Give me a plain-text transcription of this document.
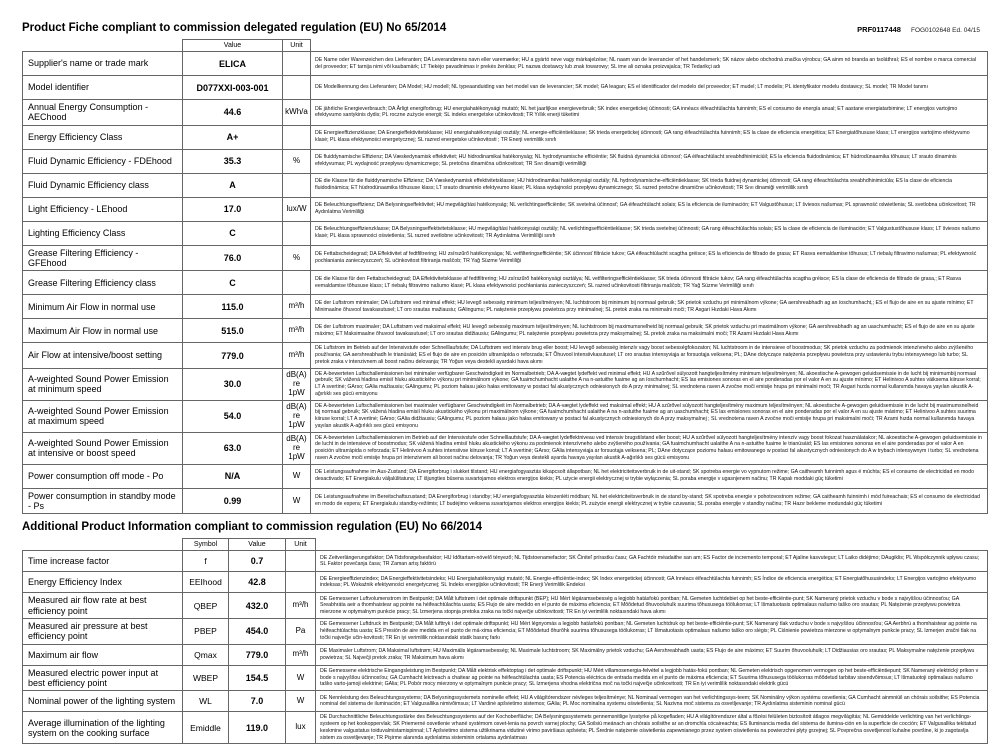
Product Fiche compliant to commission delegated regulation (EU) No 65/2014	PRF0117448 FOG0102648 Ed. 04/15
	Value	Unit	
Supplier's name or trade mark	ELICA		DE Name oder Warenzeichen des Lieferanten; DA Leverandørens navn eller varemærke; HU a gyártó neve vagy márkajelzése; NL naam van de leverancier of het handelsmerk; SK názov alebo obchodná značka výrobcu; GA ainm nó branda an tsoláthraí; ES el nombre o marca comercial del proveedor; ET tarnija nimi või kaubamärk; LT Tiekėjo pavadinimas ir prekės ženklas; PL nazwa dostawcy lub znak towarowy; SL ime ali oznaka proizvajalca; TR Tedarikçi adı
Model identifier	D077XXI-003-001		DE Modellkennung des Lieferanten; DA Model; HU modell; NL typeaanduiding van het model van de leverancier; SK model; GA leagan; ES el identificador del modelo del proveedor; ET mudel; LT modelis; PL identyfikator modelu dostawcy; SL model; TR Model tanımı
Annual Energy Consumption - AEChood	44.6	kWh/a	DE jährliche Energieverbrauch; DA Årligt energiforbrug; HU energiahatékonysági mutató; NL het jaarlijkse energieverbruik; SK index energetickej účinnosti; GA innéacs éifeachtúlachta fuinnimh; ES el consumo de energía anual; ET aastane energiatarbimine; LT energijos vartojimo efektyvumo santykinis dydis; PL roczne zużycie energii; SL indeks energetske učinkovitosti; TR Yıllık enerji tüketimi
Energy Efficiency Class	A+		DE Energieeffizienzklasse; DA Energieffektivitetsklasse; HU energiahatékonysági osztály; NL energie-efficiëntieklasse; SK trieda energetickej účinnosti; GA rang éifeachtúlachta fuinnimh; ES la clase de eficiencia energética; ET Energiatõhususe klass; LT energijos vartojimo efektyvumo klasė; PL klasa efektywności energetycznej; SL razred energetske učinkovitosti ; TR Enerji verimlilik sınıfı
Fluid Dynamic Efficiency - FDEhood	35.3	%	DE fluiddynamische Effizienz; DA Væskedynamisk effektivitet; HU hidrodinamikai hatékonyság; NL hydrodynamische efficiëntie; SK fluidná dynamická účinnosť; GA éifeachtúlacht sreabhdhinimiciúil; ES la eficiencia fluidodinámica; ET hüdrodünaamika tõhusus; LT srauto dinaminis efektyvumas; PL wydajność przepływu dynamicznego; SL pretočna dinamična učinkovitost; TR Sıvı dinamiği verimliliği
Fluid Dynamic Efficiency class	A		DE die Klasse für die fluiddynamische Effizienz; DA Væskedynamisk effektivitetsklasse; HU hidrodinamikai hatékonysági osztály; NL hydrodynamische-efficiëntieklasse; SK trieda fluidnej dynamickej účinnosti; GA rang éifeachtúlachta sreabhdhinimiciúla; ES la clase de eficiencia fluidodinámica; ET hüdrodünaamika tõhususe klass; LT srauto dinaminio efektyvumo klasė; PL klasa wydajności przepływu dynamicznego; SL razred pretočne dinamične učinkovitosti; TR Sıvı dinamiği verimlilik sınıfı
Light Efficiency - LEhood	17.0	lux/W	DE Beleuchtungseffizienz; DA Belysningseffektivitet; HU megvilágítási hatékonyság; NL verlichtingsefficiëntie; SK svetelná účinnosť; GA éifeachtúlacht solais; ES la eficiencia de iluminación; ET Valgustõhusus; LT šviesos našumas; PL sprawność oświetlenia; SL svetlobna učinkovitost; TR Aydınlatma Verimliliği
Lighting Efficiency Class	C		DE Beleuchtungseffizienzklasse; DA Belysningseffektivitetsklasse; HU megvilágítási hatékonysági osztály; NL verlichtingsefficiëntieklasse; SK trieda svetelnej účinnosti; GA rang éifeachtúlachta solais; ES la clase de eficiencia de iluminación; ET Valgustustõhususe klass; LT šviesos našumo klasė; PL klasa sprawności oświetlenia; SL razred svetlobne učinkovitosti; TR Aydınlatma Verimliliği sınıfı
Grease Filtering Efficiency - GFEhood	76.0	%	DE Fettabscheidegrad; DA Effektivitet af fedtfiltrering; HU zsírszűrő hatékonysága; NL vetfilteringsefficiëntie; SK účinnosť filtrácie tukov; GA éifeachtúlacht scagtha gréisce; ES la eficiencia de filtrado de grasa; ET Rasva eemaldamise tõhusus; LT riebalų filtravimo našumas; PL efektywność pochłaniania zanieczyszczeń; SL učinkovitost filtriranja maščob; TR Yağ Süzme Verimliliği
Grease Filtering Efficiency class	C		DE die Klasse für den Fettabscheidegrad; DA Effektivitetsklasse af fedtfiltrering; HU zsírszűrő hatékonysági osztálya; NL vetfilteringsefficiëntieklasse; SK trieda účinnosti filtrácie tukov; GA rang éifeachtúlachta scagtha gréisce; ES la clase de eficiencia de filtrado de grasa,; ET Rasva eemaldamise tõhususe klass; LT riebalų filtravimo našumo klasė; PL klasa efektywności pochłaniania zanieczyszczeń; SL razred učinkovitosti filtriranja maščob; TR Yağ Süzme Verimliliği sınıfı
Minimum Air Flow in normal use	115.0	m³/h	DE der Luftstrom minimaler; DA Luftstrøm ved minimal effekt; HU levegő sebesség minimum teljesítményen; NL luchtstroom bij minimum bij normaal gebruik; SK prietok vzduchu pri minimálnom výkone; GA aershreabhadh ag an íoschumhacht,; ES el flujo de aire en su ajuste mínimo; ET Minimaalne õhuvool tavakasutusel; LT oro srautas mažiausiu; GAlingumu; PL natężenie przepływu powietrza przy minimalnej; SL pretok zraka na minimalni moči; TR Asgari Hızdaki Hava Akımı
Maximum Air Flow in normal use	515.0	m³/h	DE der Luftstrom maximaler; DA Luftstrøm ved maksimal effekt; HU levegő sebesség maximum teljesítményen; NL luchtstroom bij maximumsnelheid bij normaal gebruik; SK prietok vzduchu pri maximálnom výkone; GA aershreabhadh ag an uaschumhacht; ES el flujo de aire en su ajuste máximo; ET Maksimaalne õhuvool tavakasutusel; LT oro srautas didžiausiu; GAlingumu; PL natężenie przepływu powietrza przy maksymalnej; SL pretok zraka na maksimalni moči; TR Azami Hızdaki Hava Akımı
Air Flow at intensive/boost setting	779.0	m³/h	DE Luftstrom im Betrieb auf der Intensivstufe oder Schnelllaufstufe; DA Luftstrøm ved intensiv brug eller boost; HU levegő sebesség intenzív vagy boost sebességfokozaton; NL luchtstroom in de intensieve of boostmodus; SK prietok vzduchu za podmienok intenzívneho alebo zvýšeného používania; GA aershreabhadh le trianúsáid; ES el flujo de aire en posición ultrarrápida o reforzada; ET Õhuvool intensiivkasutusel; LT oro srautas intensyviąja ar forsuotąja veiksena; PL; DAne dotyczące natężenia przepływu powietrza przy ustawieniu trybu intensywnego lub turbo; SL pretok zraka v intenzivnem ali boost načinu delovanja; TR Yoğun veya destekli ayardaki hava akımı
A-weighted Sound Power Emission at minimum speed	30.0	dB(A) re 1pW	DE A-bewerteten Luftschallemissionen bei minimaler verfügbarer Geschwindigkeit im Normalbetrieb; DA A-vægtet lydeffekt ved minimal effekt; HU A szűrővel súlyozott hangteljesítmény minimum teljesítményen; NL akoestische A-gewogen geluidsemissie in de lucht bij minimumbij normaal gebruik; SK vážená hladina emisií hluku akustického výkonu pri minimálnom výkone; GA fuaimchumhacht ualaithe A na n-astuithe fuaime ag an íoschumhacht; ES las emisiones sonoras en el aire ponderadas por el valor A en su ajuste mínimo; ET Helinivoo A suhtes väiksema kiiruse korral; LT A svertinė; GArso; GAlia mažiausiu; GAlingumu; PL poziom hałasu jako hałas emitowany w postaci fal akustycznych odniesionych do A przy minimalnej; SL vrednotena raven A zvočne moči emisije hrupa pri minimalni moči; TR Asgari hızda normal kullanımda havaya yayılan akustik A-ağırlıklı ses gücü emisyonu
A-weighted Sound Power Emission at maximum speed	54.0	dB(A) re 1pW	DE A-bewerteten Luftschallemissionen bei maximaler verfügbarer Geschwindigkeit im Normalbetrieb; DA A-vægtet lydeffekt ved maksimal effekt; HU A szűrővel súlyozott hangteljesítmény maximum teljesítményen; NL akoestische A-gewogen geluidsemissie in de lucht bij maximumsnelheid bij normaal gebruik; SK vážená hladina emisií hluku akustického výkonu pri maximálnom výkone; GA fuaimchumhacht ualaithe A na n-astuithe fuaime ag an uaschumhacht; ES las emisiones sonoras en el aire ponderadas por el valor A en su ajuste máximo; ET Helinivoo A suhtes suurima kiiruse korral; LT A svertinė; GArso; GAlia didžiausiu; GAlingumu; PL poziom hałasu jako hałas emitowany w postaci fal akustycznych odniesionych do A przy maksymalnej ; SL vrednotena raven A zvočne moči emisije hrupa pri maksimalni moči; TR Azami hızda normal kullanımda havaya yayılan akustik A-ağırlıklı ses gücü emisyonu
A-weighted Sound Power Emission at intensive or boost speed	63.0	dB(A) re 1pW	DE A-bewerteten Luftschallemissionen im Betrieb auf der Intensivstufe oder Schnelllaufstufe; DA A-vægtet lydeffektniveau ved intensiv brugstilstand eller boost; HU A szűrővel súlyozott hangteljesítmény intenzív vagy boost fokozat használatakor; NL akoestische A-gewogen geluidsemissie in de lucht in de intensieve of boostmodus; SK vážená hladina emisií hluku akustického výkonu za podmienok intenzívneho alebo zvýšeného používania; GA fuaimchumhacht ualaithe A na n-astuithe fuaime le trianúsáid; ES las emisiones sonoras en el aire ponderadas por el valor A en posición ultrarrápida o reforzada; ET Helinivoo A suhtes intensiivse kiiruse korral; LT A svertinė; GArso; GAlia intensyviąja ar forsuotąja veiksena; PL; DAne dotyczące poziomu hałasu emitowanego w postaci fal akustycznych odniesionych do A w trybach intensywnym i turbo; SL vrednotena raven A zvočne moči emisije hrupa pri intenzivnem ali boost načinu delovanja; TR Yoğun veya destekli ayarda havaya yayılan akustik A-ağırlıklı ses gücü emisyonu
Power consumption off mode - Po	N/A	W	DE Leistungsaufnahme im Aus-Zustand; DA Energiforbrug i slukket tilstand; HU energiafogyasztás kikapcsolt állapotban; NL het elektriciteitsverbruik in de uit-stand; SK spotreba energie vo vypnutom režime; GA caitheamh fuinnimh agus é múchta; ES el consumo de electricidad en modo desactivado; ET Energiakulu väljalülitatuna; LT išjungties būsena suvartojamos elektros energijos kiekis; PL użycie energii elektrycznej w trybie wyłączenia; SL poraba energije v ugasnjenem načinu; TR Kapalı moddaki güç tüketimi
Power consumption in standby mode - Ps	0.99	W	DE Leistungsaufnahme im Bereitschaftszustand; DA Energiforbrug i standby; HU energiafogyasztás készenléti módban; NL het elektriciteitsverbruik in de stand by-stand; SK spotreba energie v pohotovostnom režime; GA caitheamh fuinnimh i mód fuireachais; ES el consumo de electricidad en modo de espera; ET Energiakulu standby-režiimis; LT budėjimo veiksena suvartojamos elektros energijos kiekis; PL zużycie energii elektrycznej w trybie czuwania; SL poraba energije v standby načinu; TR Hazır bekleme modundaki güç tüketimi
Additional Product Information compliant to commission regulation (EU) No 66/2014
	Symbol	Value	Unit	
Time increase factor	f	0.7		DE Zeitverlängerungsfaktor; DA Tidsforøgelsesfaktor; HU Időtartam-növelő tényező; NL Tijdstoenamefactor; SK Činiteľ prírastku času; GA Fachtóir méadaithe san am; ES Factor de incremento temporal; ET Ajaline kasvutegur; LT Laiko didėjimo; DAugiklis; PL Współczynnik upływu czasu; SL Faktor povečanja časa; TR Zaman artış faktörü
Energy Efficiency Index	EEIhood	42.8		DE Energieeffizienzindex; DA Energieffektivitetsindeks; HU Energiahatékonysági mutató; NL Energie-efficiëntie-index; SK Index energetickej účinnosti; GA Innéacs éifeachtúlachta fuinnimh; ES Índice de eficiencia energética; ET Energiatõhususindeks; LT Energijos vartojimo efektyvumo indeksas; PL Wskaźnik efektywności energetycznej; SL Indeks energijske učinkovitosti; TR Enerji Verimlilik Endeksi
Measured air flow rate at best efficiency point	QBEP	432.0	m³/h	DE Gemessener Luftvolumenstrom im Bestpunkt; DA Målt luftstrøm i det optimale driftspunkt (BEP); HU Mért légáramsebesség a legjobb hatásfokú pontban; NL Gemeten luchtdebiet op het beste-efficiëntie-punt; SK Nameraný prietok vzduchu v bode s najvyššou účinnosťou; GA Sreabhráta aeir a thomhaistear ag pointe na héifeachtúlachta uasta; ES Flujo de aire medido en el punto de máxima eficiencia; ET Mõõdetud õhuvooluhulk suurima tõhususega töölukorras; LT Išmatuotasis optimalaus našumo taško oro srautas; PL Natężenie przepływu powietrza mierzone w optymalnym punkcie pracy; SL Izmerjena stopnja pretoka zraka na točki največje učinkovitosti; TR En iyi verimlilik noktasındaki hava akımı
Measured air pressure at best efficiency point	PBEP	454.0	Pa	DE Gemessener Luftdruck im Bestpunkt; DA Målt lufttryk i det optimale driftspunkt; HU Mért légnyomás a legjobb hatásfokú pontban; NL Gemeten luchtdruk op het beste-efficiëntie-punt; SK Nameraný tlak vzduchu v bode s najvyššou účinnosťou; GA Aerbhrú a thomhaistear ag pointe na héifeachtúlachta uasta; ES Presión de aire medida en el punto de má-xima eficiencia; ET Mõõdetud õhurõhk suurima tõhususega töölukorras; LT Išmatuotasis optimalaus našumo taško oro slėgis; PL Ciśnienie powietrza mierzone w optymalnym punkcie pracy; SL Izmerjen zračni tlak na točki največje učin-kovitosti; TR En iyi verimlilik noktasındaki statik basınç farkı
Maximum air flow	Qmax	779.0	m³/h	DE Maximaler Luftstrom; DA Maksimal luftstrøm; HU Maximális légáramsebesség; NL Maximale luchtstroom; SK Maximálny prietok vzduchu; GA Aershreabhadh uasta; ES Flujo de aire máximo; ET Suurim õhuvooluhulk; LT Didžiausias oro srautas; PL Maksymalne natężenie przepływu powietrza; SL Največji pretok zraka; TR Maksimum hava akımı
Measured electric power input at best efficiency point	WBEP	154.5	W	DE Gemessene elektrische Eingangsleistung im Bestpunkt; DA Målt elektrisk effektoptag i det optimale driftspunkt; HU Mért villamosenergia-felvétel a legjobb hatás-fokú pontban; NL Gemeten elektrisch opgenomen vermogen op het beste-efficiëntiepunt; SK Nameraný elektrický príkon v bode s najvyššou účinnosťou; GA Cumhacht leictreach a chaitear ag pointe na héifeachtúlachta uasta; ES Potencia eléctrica de entrada medida en el punto de máxima eficiencia; ET Suurima tõhususega töölukorras mõõdetud tarbitav sisendvõimsus; LT Išmatuotoji optimalaus našumo taško varto-jamoji elektrinė; GAlia; PL Pobór mocy mierzony w optymalnym punkcie pracy; SL Izmerjena vhodna električna moč na točki največje učinkovitosti; TR En iyi verimlilik noktasındaki elektrik gücü
Nominal power of the lighting system	WL	7.0	W	DE Nennleistung des Beleuchtungssystems; DA Belysningssystemets nominelle effekt; HU A világítórendszer névleges teljesítménye; NL Nominaal vermogen van het verlichtingssys-teem; SK Nominálny výkon systému osvetlenia; GA Cumhacht ainmniúil an chórais soilsithe; ES Potencia nominal del sistema de iluminación; ET Valgusallika nimivõimsus; LT Vardinė apšvietimo sistemos; GAlia; PL Moc nominalna systemu oświetlenia; SL Nazivna moč sistema za osvetljevanje; TR Aydınlatma sisteminin nominal gücü
Average illumination of the lighting system on the cooking surface	Emiddle	119.0	lux	DE Durchschnittliche Beleuchtungsstärke des Beleuchtungssystems auf der Kochoberfläche; DA Belysningssystemets gennemsnitlige lysstyrke på kogefladen; HU A világítórendszer által a főzési felületen biztosított átlagos megvilágítás; NL Gemiddelde verlichting van het verlichtings-systeem op het kookoppervlak; SK Priemerné osvetlenie vrhané systémom osvet-lenia na povrch varnej plochy; GA Soilsiú meánach an chórais soilsithe ar an dromchla cócaireachta; ES Iluminancia media del sistema de ilumina-ción en la superficie de cocción; ET Valgusallika tekitatud keskmine valgustatus toiduvalmistamispinnal; LT Apšvietimo sistema užtikrinama vidutinė virimo paviršiaus apšvieta; PL Średnie natężenie oświetlenia zapewnianego przez system oświetlenia na powierzchni płyty grzejnej; SL Povprečna osvetljenost kuhalne površine, ki jo zagotavlja sistem za osvetljevanje; TR Pişirme alanında aydınlatma sisteminin ortalama aydınlatması
